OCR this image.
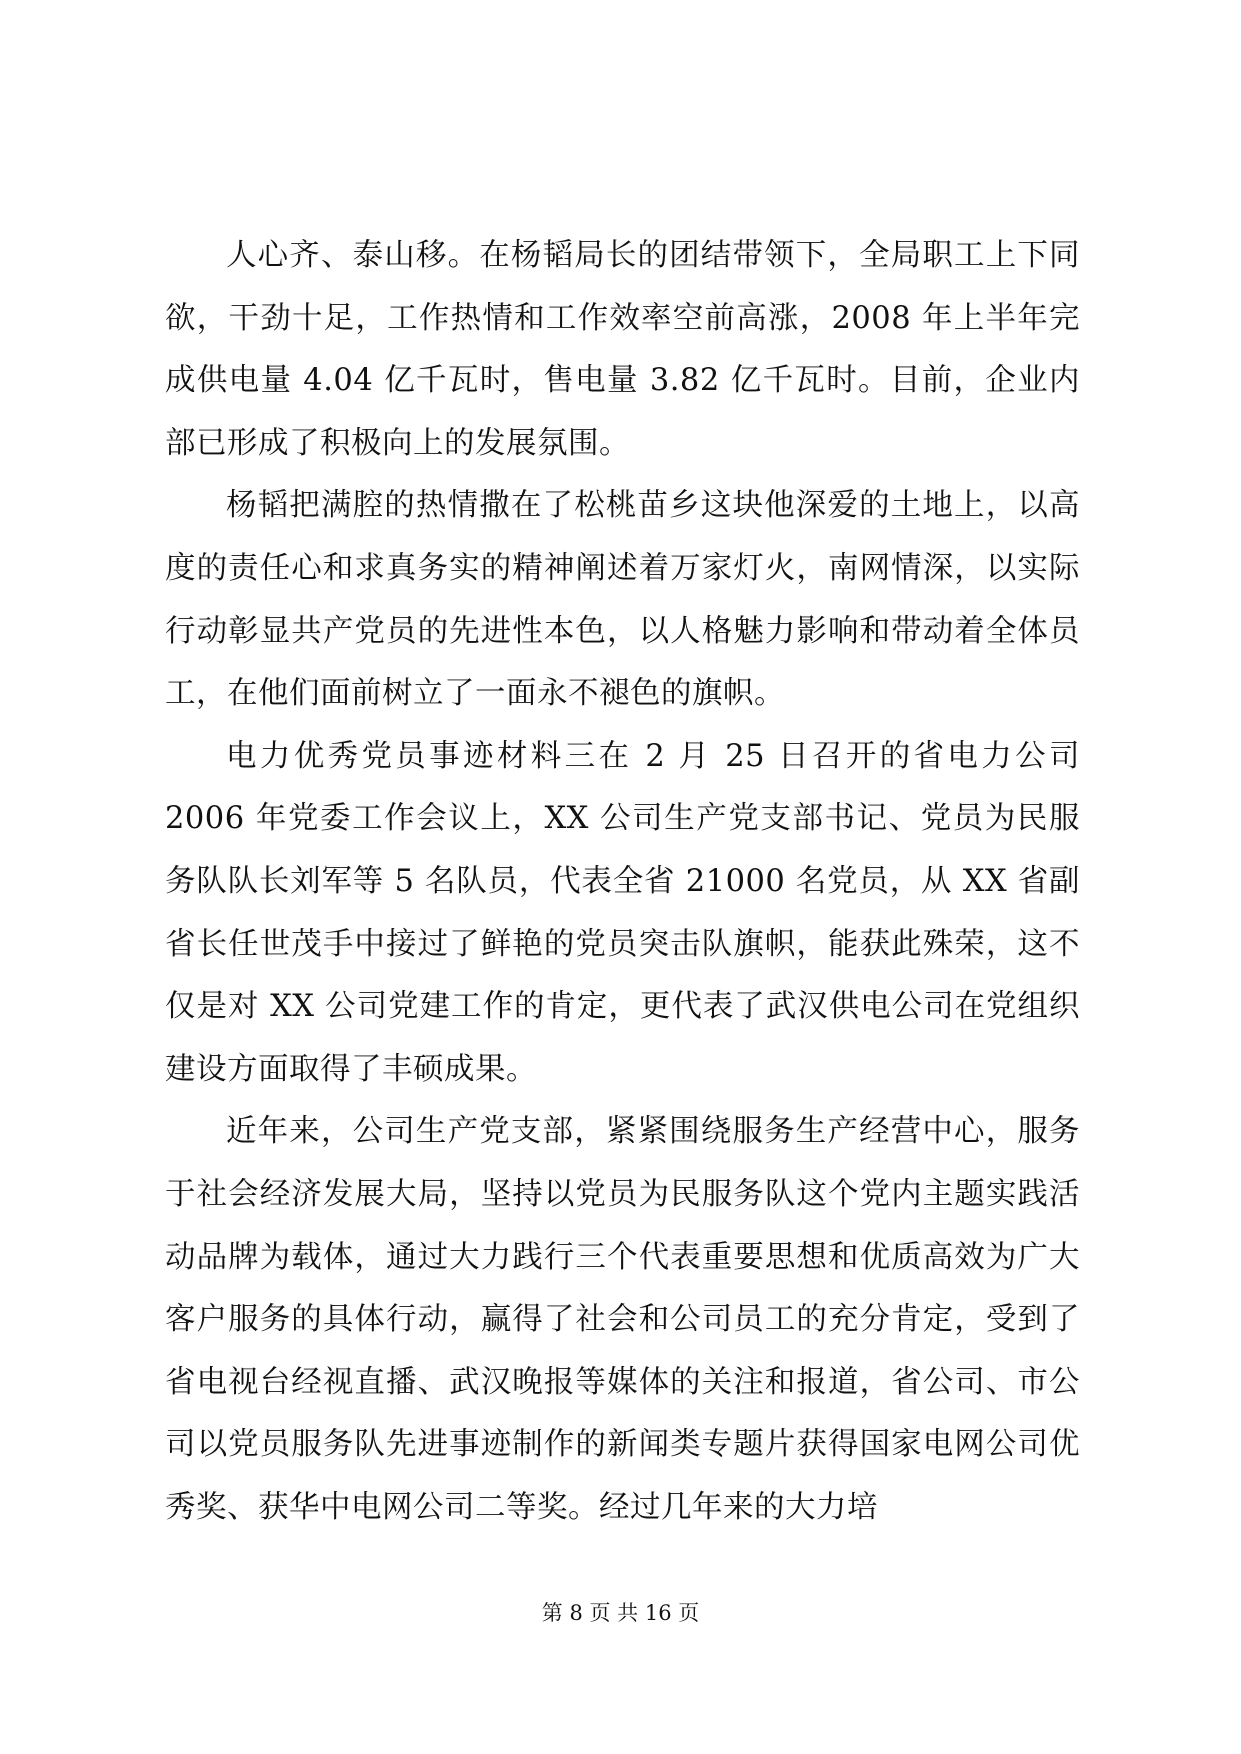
人心齐、泰山移。在杨韬局长的团结带领下，全局职工上下同欲，干劲十足，工作热情和工作效率空前高涨，2008 年上半年完成供电量 4.04 亿千瓦时，售电量 3.82 亿千瓦时。目前，企业内部已形成了积极向上的发展氛围。

杨韬把满腔的热情撒在了松桃苗乡这块他深爱的土地上，以高度的责任心和求真务实的精神阐述着万家灯火，南网情深，以实际行动彰显共产党员的先进性本色，以人格魅力影响和带动着全体员工，在他们面前树立了一面永不褪色的旗帜。

电力优秀党员事迹材料三在 2 月 25 日召开的省电力公司 2006 年党委工作会议上，XX 公司生产党支部书记、党员为民服务队队长刘军等 5 名队员，代表全省 21000 名党员，从 XX 省副省长任世茂手中接过了鲜艳的党员突击队旗帜，能获此殊荣，这不仅是对 XX 公司党建工作的肯定，更代表了武汉供电公司在党组织建设方面取得了丰硕成果。

近年来，公司生产党支部，紧紧围绕服务生产经营中心，服务于社会经济发展大局，坚持以党员为民服务队这个党内主题实践活动品牌为载体，通过大力践行三个代表重要思想和优质高效为广大客户服务的具体行动，赢得了社会和公司员工的充分肯定，受到了省电视台经视直播、武汉晚报等媒体的关注和报道，省公司、市公司以党员服务队先进事迹制作的新闻类专题片获得国家电网公司优秀奖、获华中电网公司二等奖。经过几年来的大力培

第 8 页 共 16 页
